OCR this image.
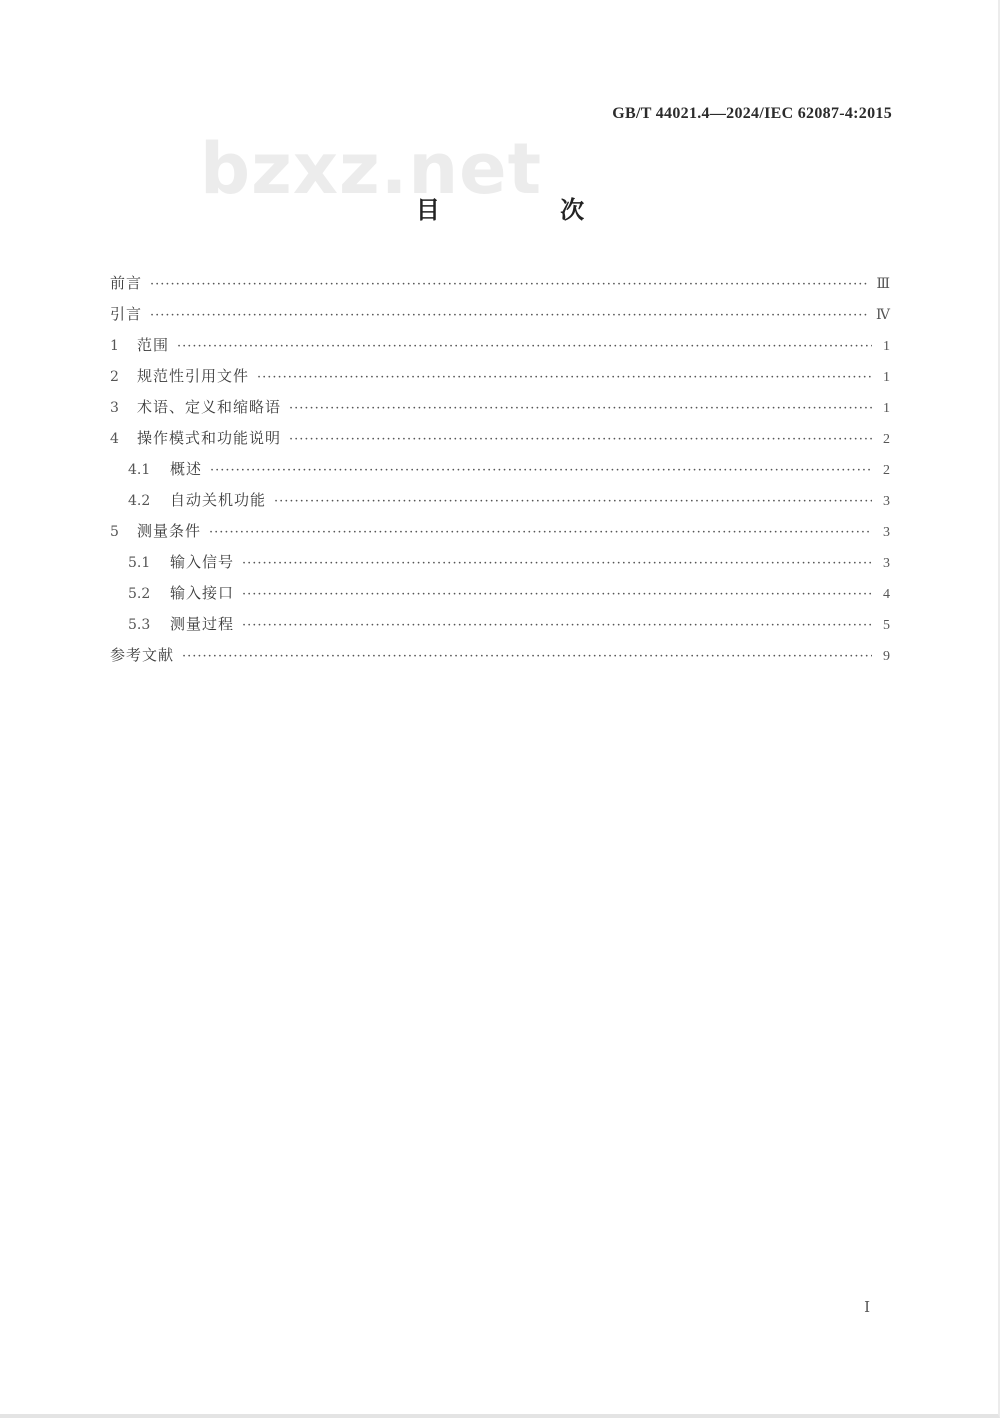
bzxz.net
GB/T 44021.4—2024/IEC 62087-4:2015
目 次
前言 ·····	Ⅲ
引言 ·····	Ⅳ
1	范围 ·····	1
2	规范性引用文件 ·····	1
3	术语、定义和缩略语 ·····	1
4	操作模式和功能说明 ·····	2
4.1	概述 ·····	2
4.2	自动关机功能 ·····	3
5	测量条件 ·····	3
5.1	输入信号 ·····	3
5.2	输入接口 ·····	4
5.3	测量过程 ·····	5
参考文献 ·····	9
Ⅰ
